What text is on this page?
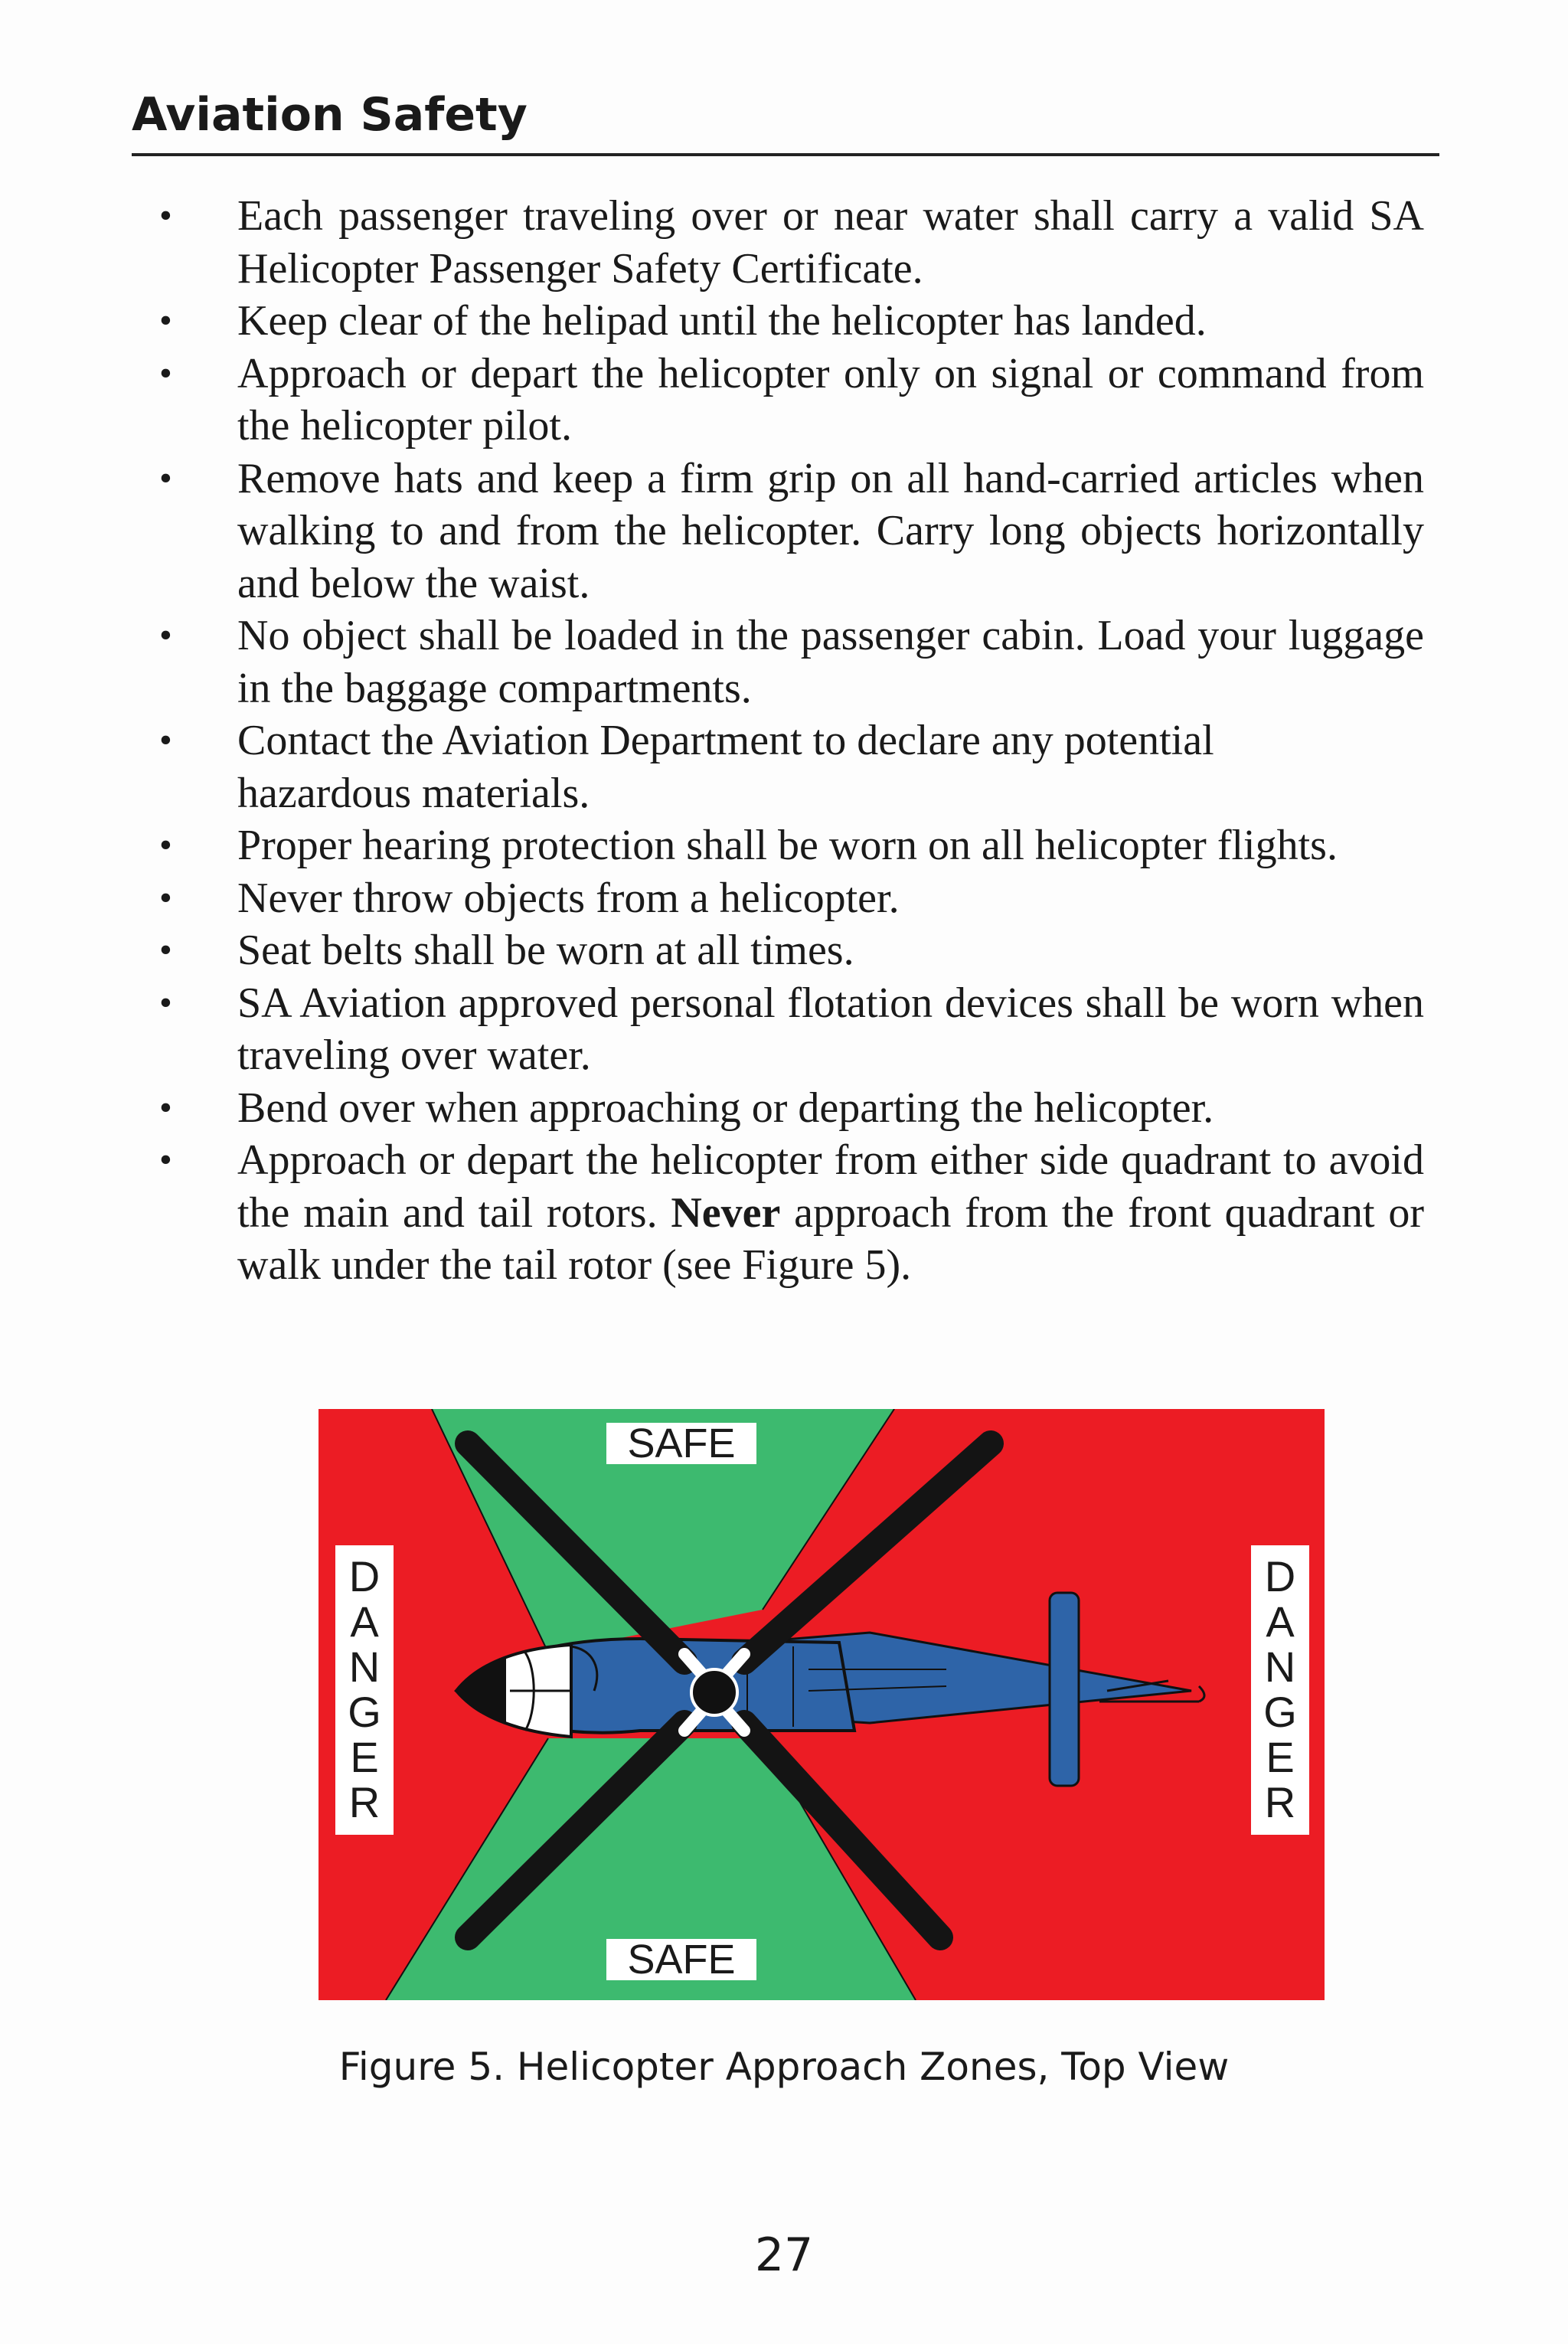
Aviation Safety
• Each passenger traveling over or near water shall carry a valid SA Helicopter Passenger Safety Certificate.
• Keep clear of the helipad until the helicopter has landed.
• Approach or depart the helicopter only on signal or command from the helicopter pilot.
• Remove hats and keep a firm grip on all hand-carried articles when walking to and from the helicopter. Carry long objects horizontally and below the waist.
• No object shall be loaded in the passenger cabin. Load your luggage in the baggage compartments.
• Contact the Aviation Department to declare any potential hazardous materials.
• Proper hearing protection shall be worn on all helicopter flights.
• Never throw objects from a helicopter.
• Seat belts shall be worn at all times.
• SA Aviation approved personal flotation devices shall be worn when traveling over water.
• Bend over when approaching or departing the helicopter.
• Approach or depart the helicopter from either side quadrant to avoid the main and tail rotors. Never approach from the front quadrant or walk under the tail rotor (see Figure 5).
SAFE
SAFE
D
A
N
G
E
R
D
A
N
G
E
R
Figure 5. Helicopter Approach Zones, Top View
27
